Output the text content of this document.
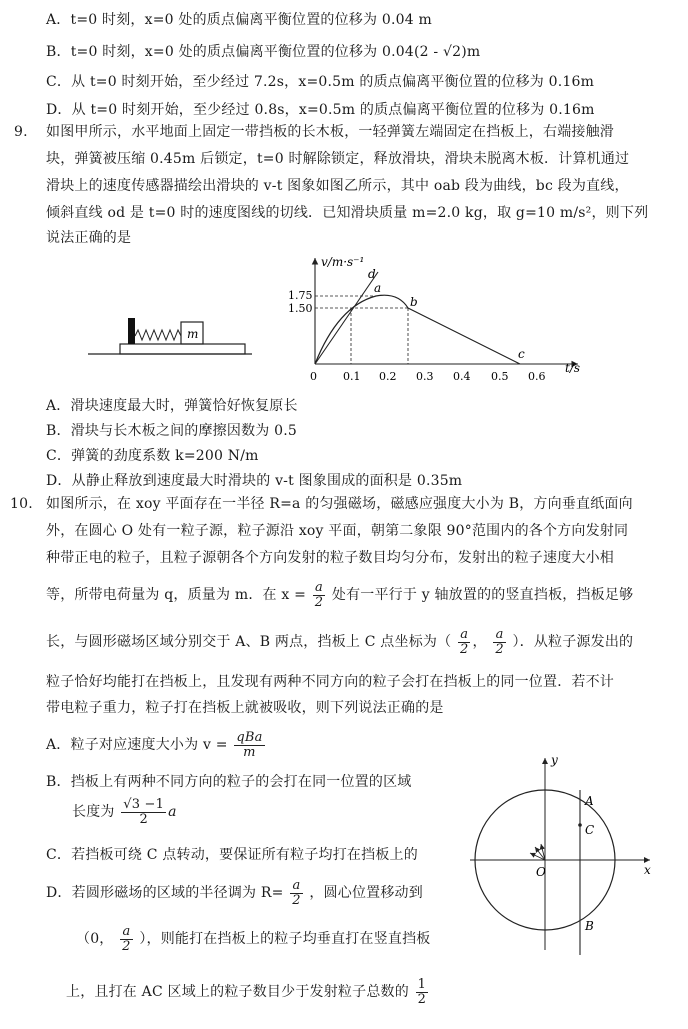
A．t=0 时刻，x=0 处的质点偏离平衡位置的位移为 0.04 m
B．t=0 时刻，x=0 处的质点偏离平衡位置的位移为 0.04(2 - √2)m
C．从 t=0 时刻开始，至少经过 7.2s，x=0.5m 的质点偏离平衡位置的位移为 0.16m
D．从 t=0 时刻开始，至少经过 0.8s，x=0.5m 的质点偏离平衡位置的位移为 0.16m
9. 如图甲所示，水平地面上固定一带挡板的长木板，一轻弹簧左端固定在挡板上，右端接触滑
块，弹簧被压缩 0.45m 后锁定，t=0 时解除锁定，释放滑块，滑块未脱离木板．计算机通过
滑块上的速度传感器描绘出滑块的 v-t 图象如图乙所示，其中 oab 段为曲线，bc 段为直线，
倾斜直线 od 是 t=0 时的速度图线的切线．已知滑块质量 m=2.0 kg，取 g=10 m/s²，则下列
说法正确的是
m
v/m·s⁻¹
t/s
1.75
1.50
0 0.1 0.2 0.3 0.4 0.5 0.6
a
b
c
d
A．滑块速度最大时，弹簧恰好恢复原长
B．滑块与长木板之间的摩擦因数为 0.5
C．弹簧的劲度系数 k=200 N/m
D．从静止释放到速度最大时滑块的 v-t 图象围成的面积是 0.35m
10. 如图所示，在 xoy 平面存在一半径 R=a 的匀强磁场，磁感应强度大小为 B，方向垂直纸面向
外，在圆心 O 处有一粒子源，粒子源沿 xoy 平面，朝第二象限 90°范围内的各个方向发射同
种带正电的粒子，且粒子源朝各个方向发射的粒子数目均匀分布，发射出的粒子速度大小相
等，所带电荷量为 q，质量为 m．在 $x = \frac{a}{2}$ 处有一平行于 y 轴放置的的竖直挡板，挡板足够
长，与圆形磁场区域分别交于 A、B 两点，挡板上 C 点坐标为（ $\frac{a}{2}$ ， $\frac{a}{2}$ ）．从粒子源发出的
粒子恰好均能打在挡板上，且发现有两种不同方向的粒子会打在挡板上的同一位置．若不计
带电粒子重力，粒子打在挡板上就被吸收，则下列说法正确的是
A．粒子对应速度大小为 $v = \frac{\text{qBa}}{m}$
B．挡板上有两种不同方向的粒子的会打在同一位置的区域
长度为 $\frac{√3 -1}{2}$ a
C．若挡板可绕 C 点转动，要保证所有粒子均打在挡板上的
D．若圆形磁场的区域的半径调为 $R= \frac{a}{2}$ ，圆心位置移动到
（0， $\frac{a}{2}$ ），则能打在挡板上的粒子均垂直打在竖直挡板
上，且打在 AC 区域上的粒子数目少于发射粒子总数的 $\frac{1}{2}$
y
x
O
A
C
B
